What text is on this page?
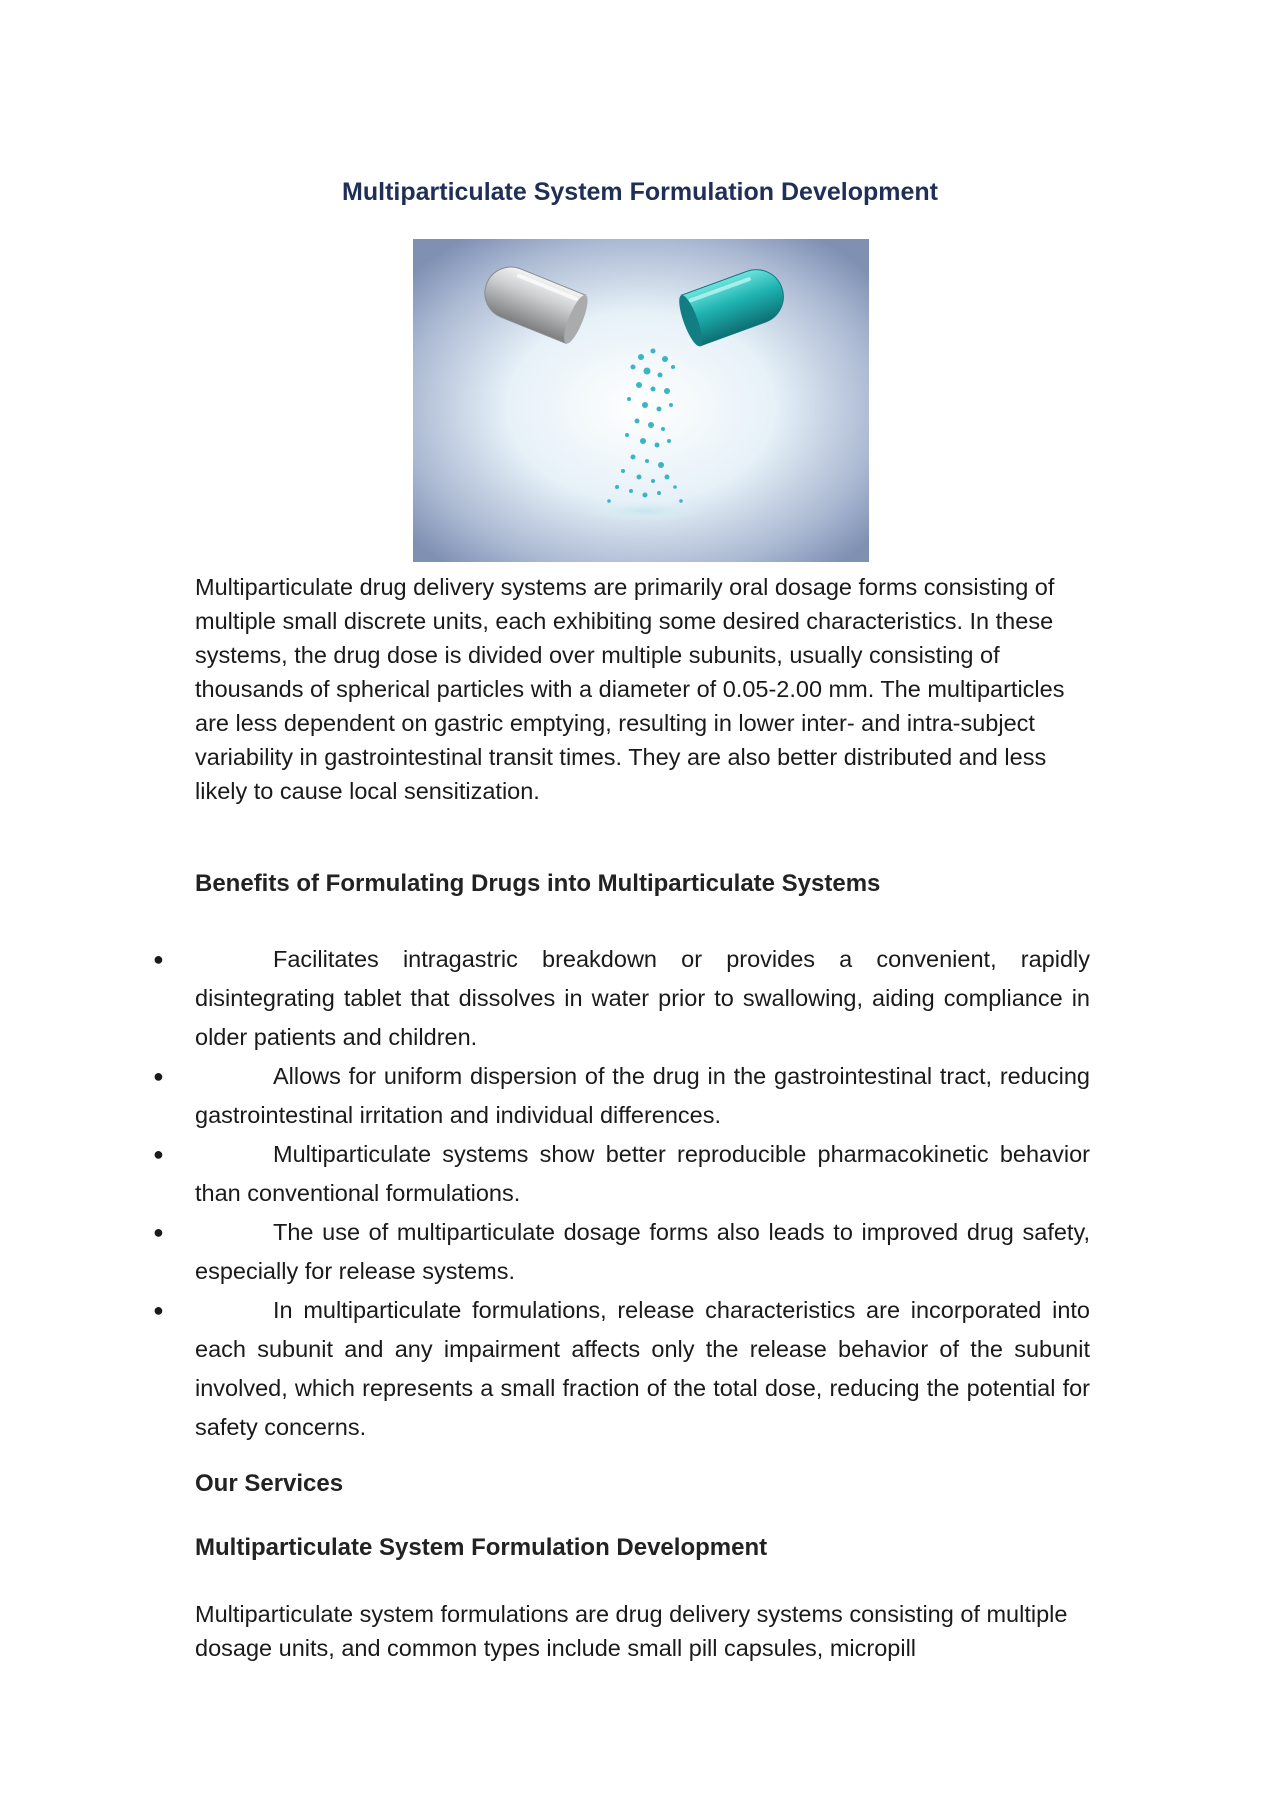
Multiparticulate System Formulation Development

Multiparticulate drug delivery systems are primarily oral dosage forms consisting of multiple small discrete units, each exhibiting some desired characteristics. In these systems, the drug dose is divided over multiple subunits, usually consisting of thousands of spherical particles with a diameter of 0.05-2.00 mm. The multiparticles are less dependent on gastric emptying, resulting in lower inter- and intra-subject variability in gastrointestinal transit times. They are also better distributed and less likely to cause local sensitization.

Benefits of Formulating Drugs into Multiparticulate Systems
●	Facilitates intragastric breakdown or provides a convenient, rapidly disintegrating tablet that dissolves in water prior to swallowing, aiding compliance in older patients and children.
●	Allows for uniform dispersion of the drug in the gastrointestinal tract, reducing gastrointestinal irritation and individual differences.
●	Multiparticulate systems show better reproducible pharmacokinetic behavior than conventional formulations.
●	The use of multiparticulate dosage forms also leads to improved drug safety, especially for release systems.
●	In multiparticulate formulations, release characteristics are incorporated into each subunit and any impairment affects only the release behavior of the subunit involved, which represents a small fraction of the total dose, reducing the potential for safety concerns.
Our Services
Multiparticulate System Formulation Development

Multiparticulate system formulations are drug delivery systems consisting of multiple dosage units, and common types include small pill capsules, micropill
